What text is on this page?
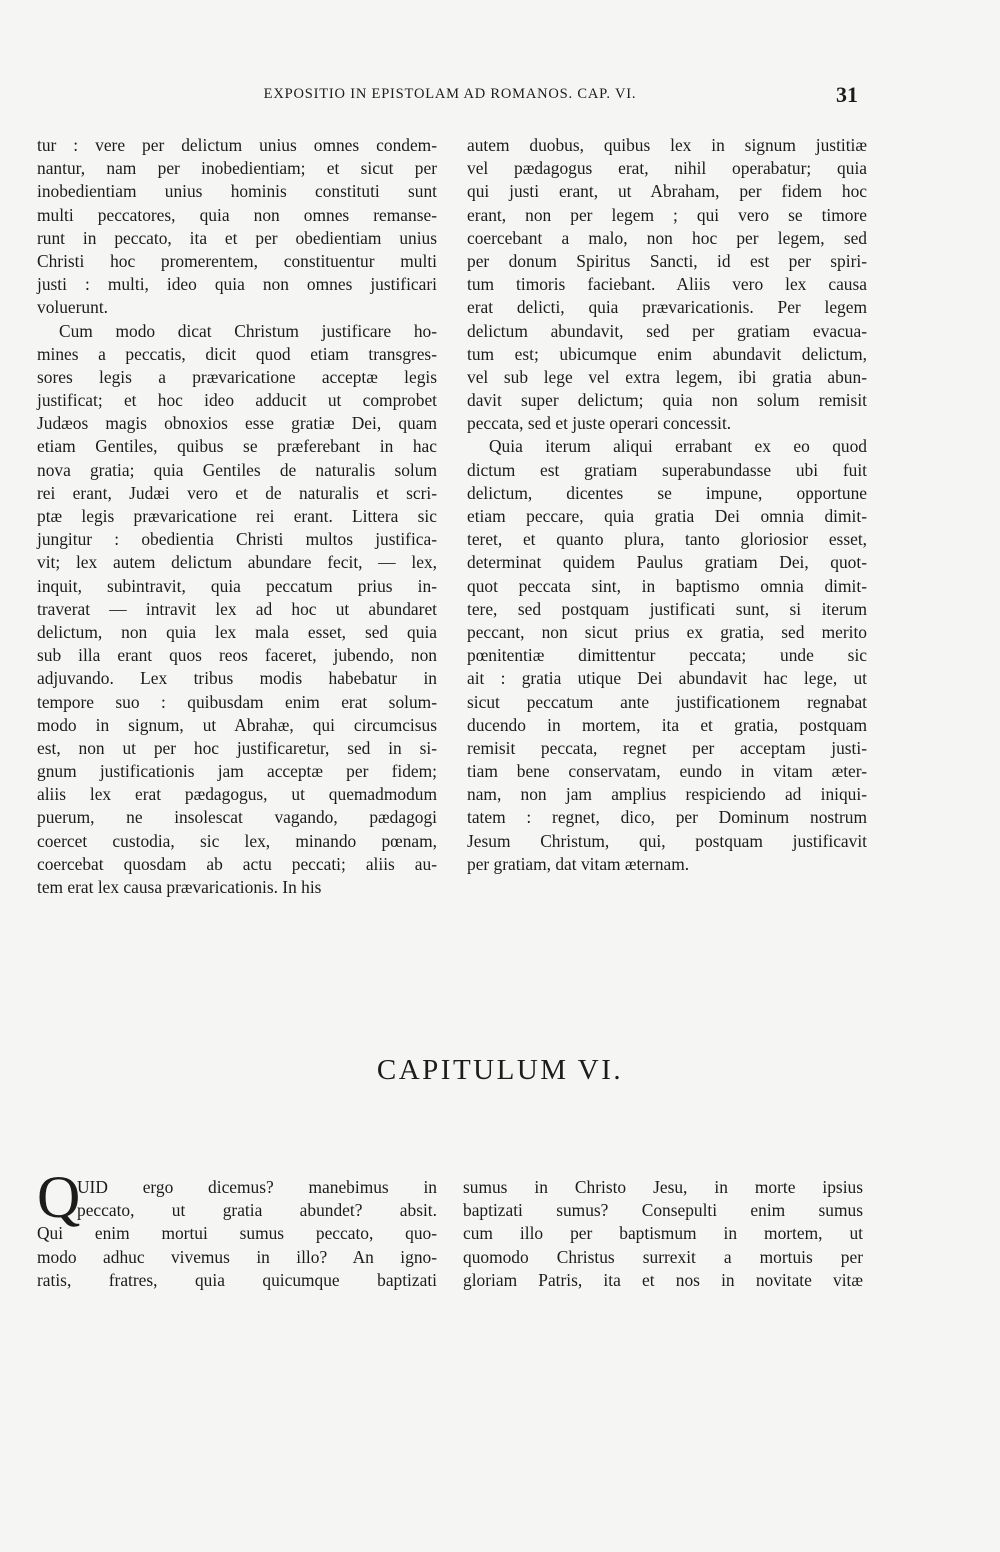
EXPOSITIO IN EPISTOLAM AD ROMANOS. CAP. VI.	31
tur : vere per delictum unius omnes condem-
nantur, nam per inobedientiam; et sicut per
inobedientiam unius hominis constituti sunt
multi peccatores, quia non omnes remanse-
runt in peccato, ita et per obedientiam unius
Christi hoc promerentem, constituentur multi
justi : multi, ideo quia non omnes justificari
voluerunt.
Cum modo dicat Christum justificare ho-
mines a peccatis, dicit quod etiam transgres-
sores legis a prævaricatione acceptæ legis
justificat; et hoc ideo adducit ut comprobet
Judæos magis obnoxios esse gratiæ Dei, quam
etiam Gentiles, quibus se præferebant in hac
nova gratia; quia Gentiles de naturalis solum
rei erant, Judæi vero et de naturalis et scri-
ptæ legis prævaricatione rei erant. Littera sic
jungitur : obedientia Christi multos justifica-
vit; lex autem delictum abundare fecit, — lex,
inquit, subintravit, quia peccatum prius in-
traverat — intravit lex ad hoc ut abundaret
delictum, non quia lex mala esset, sed quia
sub illa erant quos reos faceret, jubendo, non
adjuvando. Lex tribus modis habebatur in
tempore suo : quibusdam enim erat solum-
modo in signum, ut Abrahæ, qui circumcisus
est, non ut per hoc justificaretur, sed in si-
gnum justificationis jam acceptæ per fidem;
aliis lex erat pædagogus, ut quemadmodum
puerum, ne insolescat vagando, pædagogi
coercet custodia, sic lex, minando pœnam,
coercebat quosdam ab actu peccati; aliis au-
tem erat lex causa prævaricationis. In his
autem duobus, quibus lex in signum justitiæ
vel pædagogus erat, nihil operabatur; quia
qui justi erant, ut Abraham, per fidem hoc
erant, non per legem ; qui vero se timore
coercebant a malo, non hoc per legem, sed
per donum Spiritus Sancti, id est per spiri-
tum timoris faciebant. Aliis vero lex causa
erat delicti, quia prævaricationis. Per legem
delictum abundavit, sed per gratiam evacua-
tum est; ubicumque enim abundavit delictum,
vel sub lege vel extra legem, ibi gratia abun-
davit super delictum; quia non solum remisit
peccata, sed et juste operari concessit.
Quia iterum aliqui errabant ex eo quod
dictum est gratiam superabundasse ubi fuit
delictum, dicentes se impune, opportune
etiam peccare, quia gratia Dei omnia dimit-
teret, et quanto plura, tanto gloriosior esset,
determinat quidem Paulus gratiam Dei, quot-
quot peccata sint, in baptismo omnia dimit-
tere, sed postquam justificati sunt, si iterum
peccant, non sicut prius ex gratia, sed merito
pœnitentiæ dimittentur peccata; unde sic
ait : gratia utique Dei abundavit hac lege, ut
sicut peccatum ante justificationem regnabat
ducendo in mortem, ita et gratia, postquam
remisit peccata, regnet per acceptam justi-
tiam bene conservatam, eundo in vitam æter-
nam, non jam amplius respiciendo ad iniqui-
tatem : regnet, dico, per Dominum nostrum
Jesum Christum, qui, postquam justificavit
per gratiam, dat vitam æternam.
CAPITULUM VI.
Q
UID ergo dicemus? manebimus in
peccato, ut gratia abundet? absit.
Qui enim mortui sumus peccato, quo-
modo adhuc vivemus in illo? An igno-
ratis, fratres, quia quicumque baptizati
sumus in Christo Jesu, in morte ipsius
baptizati sumus? Consepulti enim sumus
cum illo per baptismum in mortem, ut
quomodo Christus surrexit a mortuis per
gloriam Patris, ita et nos in novitate vitæ
